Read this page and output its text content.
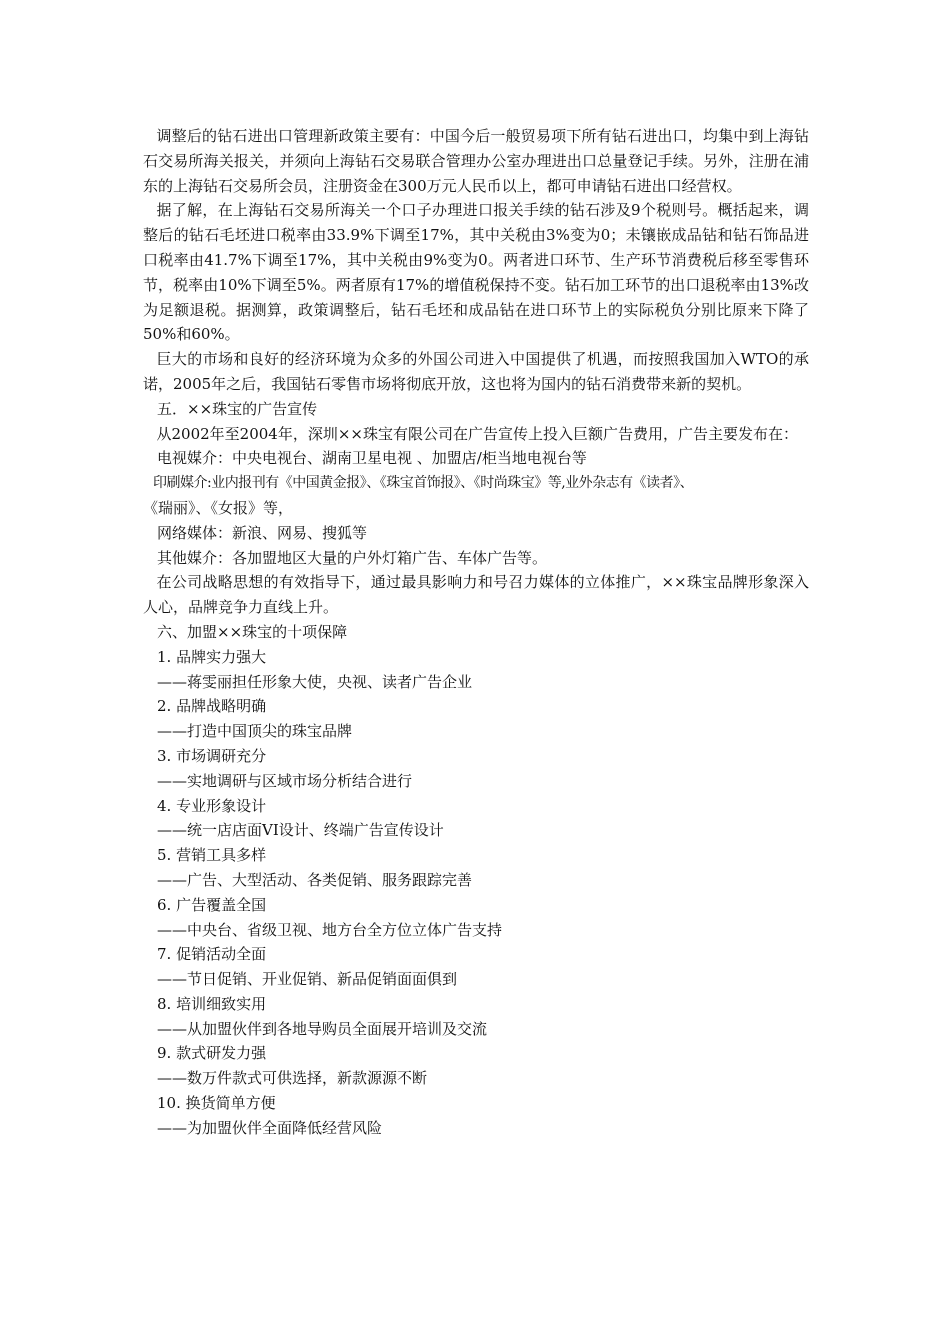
调整后的钻石进出口管理新政策主要有：中国今后一般贸易项下所有钻石进出口，均集中到上海钻石交易所海关报关，并须向上海钻石交易联合管理办公室办理进出口总量登记手续。另外，注册在浦东的上海钻石交易所会员，注册资金在300万元人民币以上，都可申请钻石进出口经营权。

据了解，在上海钻石交易所海关一个口子办理进口报关手续的钻石涉及9个税则号。概括起来，调整后的钻石毛坯进口税率由33.9%下调至17%，其中关税由3%变为0；未镶嵌成品钻和钻石饰品进口税率由41.7%下调至17%，其中关税由9%变为0。两者进口环节、生产环节消费税后移至零售环节，税率由10%下调至5%。两者原有17%的增值税保持不变。钻石加工环节的出口退税率由13%改为足额退税。据测算，政策调整后，钻石毛坯和成品钻在进口环节上的实际税负分别比原来下降了50%和60%。

巨大的市场和良好的经济环境为众多的外国公司进入中国提供了机遇，而按照我国加入WTO的承诺，2005年之后，我国钻石零售市场将彻底开放，这也将为国内的钻石消费带来新的契机。

五．××珠宝的广告宣传

从2002年至2004年，深圳××珠宝有限公司在广告宣传上投入巨额广告费用，广告主要发布在：

电视媒介：中央电视台、湖南卫星电视 、加盟店/柜当地电视台等

印刷媒介:业内报刊有《中国黄金报》、《珠宝首饰报》、《时尚珠宝》等,业外杂志有《读者》、

《瑞丽》、《女报》等，

网络媒体：新浪、网易、搜狐等

其他媒介：各加盟地区大量的户外灯箱广告、车体广告等。

在公司战略思想的有效指导下，通过最具影响力和号召力媒体的立体推广，××珠宝品牌形象深入人心，品牌竞争力直线上升。

六、加盟××珠宝的十项保障

1. 品牌实力强大

——蒋雯丽担任形象大使，央视、读者广告企业

2. 品牌战略明确

——打造中国顶尖的珠宝品牌

3. 市场调研充分

——实地调研与区域市场分析结合进行

4. 专业形象设计

——统一店店面VI设计、终端广告宣传设计

5. 营销工具多样

——广告、大型活动、各类促销、服务跟踪完善

6. 广告覆盖全国

——中央台、省级卫视、地方台全方位立体广告支持

7. 促销活动全面

——节日促销、开业促销、新品促销面面俱到

8. 培训细致实用

——从加盟伙伴到各地导购员全面展开培训及交流

9. 款式研发力强

——数万件款式可供选择，新款源源不断

10. 换货简单方便

——为加盟伙伴全面降低经营风险
